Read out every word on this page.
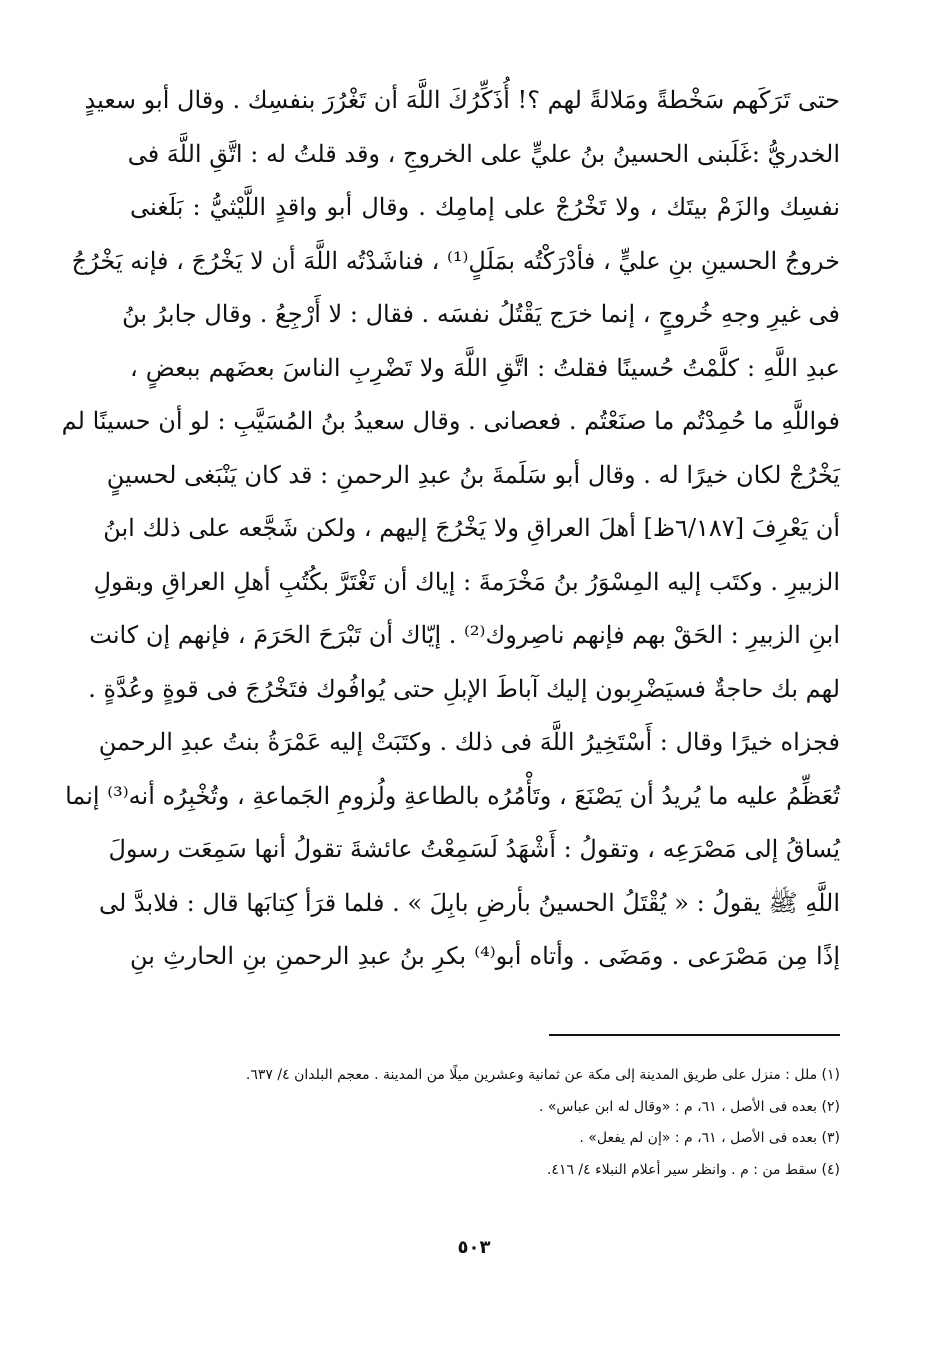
حتى تَرَكَهم سَخْطةً ومَلالةً لهم ؟! أُذَكِّرُكَ اللَّهَ أن تَغْرُرَ بنفسِك . وقال أبو سعيدٍ
الخدريُّ :غَلَبنى الحسينُ بنُ عليٍّ على الخروجِ ، وقد قلتُ له : اتَّقِ اللَّهَ فى
نفسِك والزَمْ بيتَك ، ولا تَخْرُجْ على إمامِك . وقال أبو واقدٍ اللَّيْثيُّ : بَلَغنى
خروجُ الحسينِ بنِ عليٍّ ، فأدْرَكْتُه بمَلَلٍ⁽¹⁾ ، فناشَدْتُه اللَّهَ أن لا يَخْرُجَ ، فإنه يَخْرُجُ
فى غيرِ وجهِ خُروجٍ ، إنما خرَج يَقْتُلُ نفسَه . فقال : لا أَرْجِعُ . وقال جابرُ بنُ
عبدِ اللَّهِ : كلَّمْتُ حُسينًا فقلتُ : اتَّقِ اللَّهَ ولا تَضْرِبِ الناسَ بعضَهم ببعضٍ ،
فواللَّهِ ما حُمِدْتُم ما صنَعْتُم . فعصانى . وقال سعيدُ بنُ المُسَيَّبِ : لو أن حسينًا لم
يَخْرُجْ لكان خيرًا له . وقال أبو سَلَمةَ بنُ عبدِ الرحمنِ : قد كان يَنْبَغى لحسينٍ
أن يَعْرِفَ [٦/١٨٧ظ] أهلَ العراقِ ولا يَخْرُجَ إليهم ، ولكن شَجَّعه على ذلك ابنُ
الزبيرِ . وكتَب إليه المِسْوَرُ بنُ مَخْرَمةَ : إياك أن تَغْتَرَّ بكُتُبِ أهلِ العراقِ وبقولِ
ابنِ الزبيرِ : الحَقْ بهم فإنهم ناصِروك⁽²⁾ . إيّاك أن تَبْرَحَ الحَرَمَ ، فإنهم إن كانت
لهم بك حاجةٌ فسيَضْرِبون إليك آباطَ الإبلِ حتى يُوافُوك فتَخْرُجَ فى قوةٍ وعُدَّةٍ .
فجزاه خيرًا وقال : أَسْتَخِيرُ اللَّهَ فى ذلك . وكتَبَتْ إليه عَمْرَةُ بنتُ عبدِ الرحمنِ
تُعَظِّمُ عليه ما يُريدُ أن يَصْنَعَ ، وتَأْمُرُه بالطاعةِ ولُزومِ الجَماعةِ ، وتُخْبِرُه أنه⁽³⁾ إنما
يُساقُ إلى مَصْرَعِه ، وتقولُ : أَشْهَدُ لَسَمِعْتُ عائشةَ تقولُ أنها سَمِعَت رسولَ
اللَّهِ ﷺ يقولُ : « يُقْتَلُ الحسينُ بأرضِ بابِلَ » . فلما قرَأ كِتابَها قال : فلابدَّ لى
إذًا مِن مَصْرَعى . ومَضَى . وأتاه أبو⁽⁴⁾ بكرِ بنُ عبدِ الرحمنِ بنِ الحارثِ بنِ
(١) ملل : منزل على طريق المدينة إلى مكة عن ثمانية وعشرين ميلًا من المدينة . معجم البلدان ٤/ ٦٣٧.
(٢) بعده فى الأصل ، ٦١، م : «وقال له ابن عباس» .
(٣) بعده فى الأصل ، ٦١، م : «إن لم يفعل» .
(٤) سقط من : م . وانظر سير أعلام النبلاء ٤/ ٤١٦.
٥٠٣
